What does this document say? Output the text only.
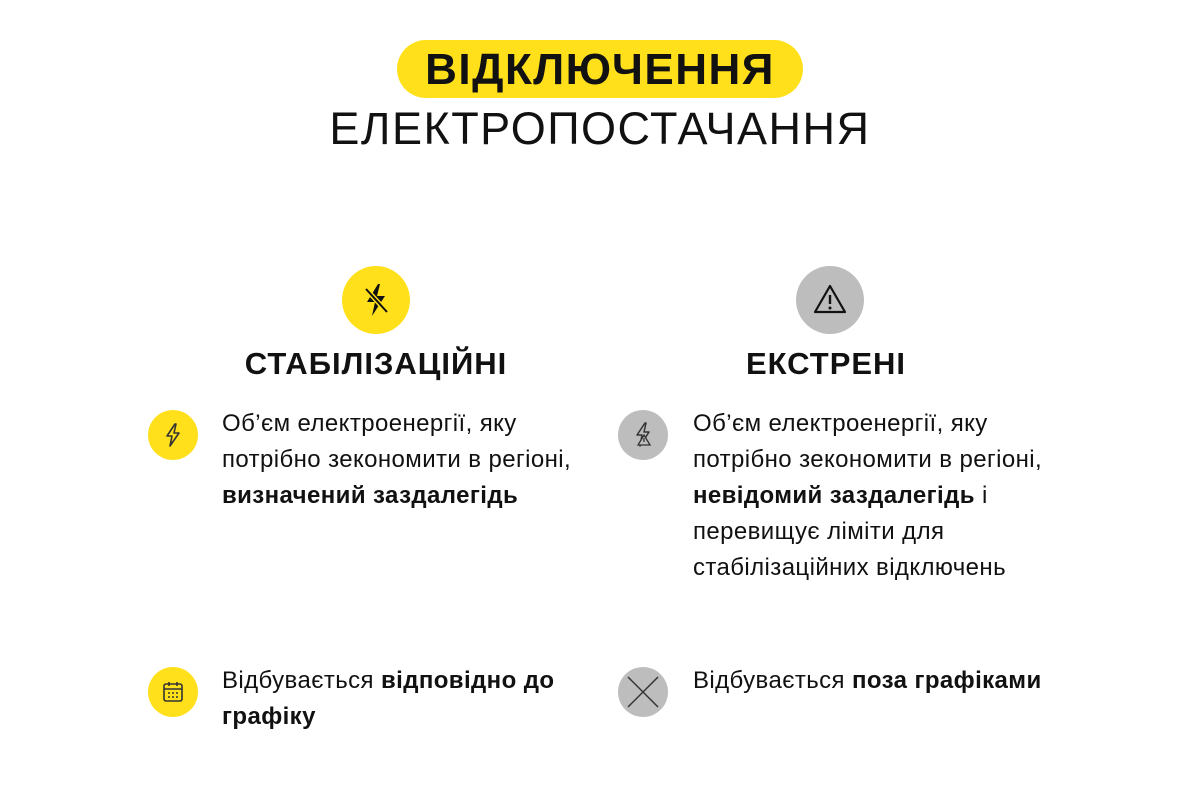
ВІДКЛЮЧЕННЯ
ЕЛЕКТРОПОСТАЧАННЯ
СТАБІЛІЗАЦІЙНІ
Об’єм електроенергії, яку потрібно зекономити в регіоні, визначений заздалегідь
Відбувається відповідно до графіку
ЕКСТРЕНІ
Об’єм електроенергії, яку потрібно зекономити в регіоні, невідомий заздалегідь і перевищує ліміти для стабілізаційних відключень
Відбувається поза графіками
